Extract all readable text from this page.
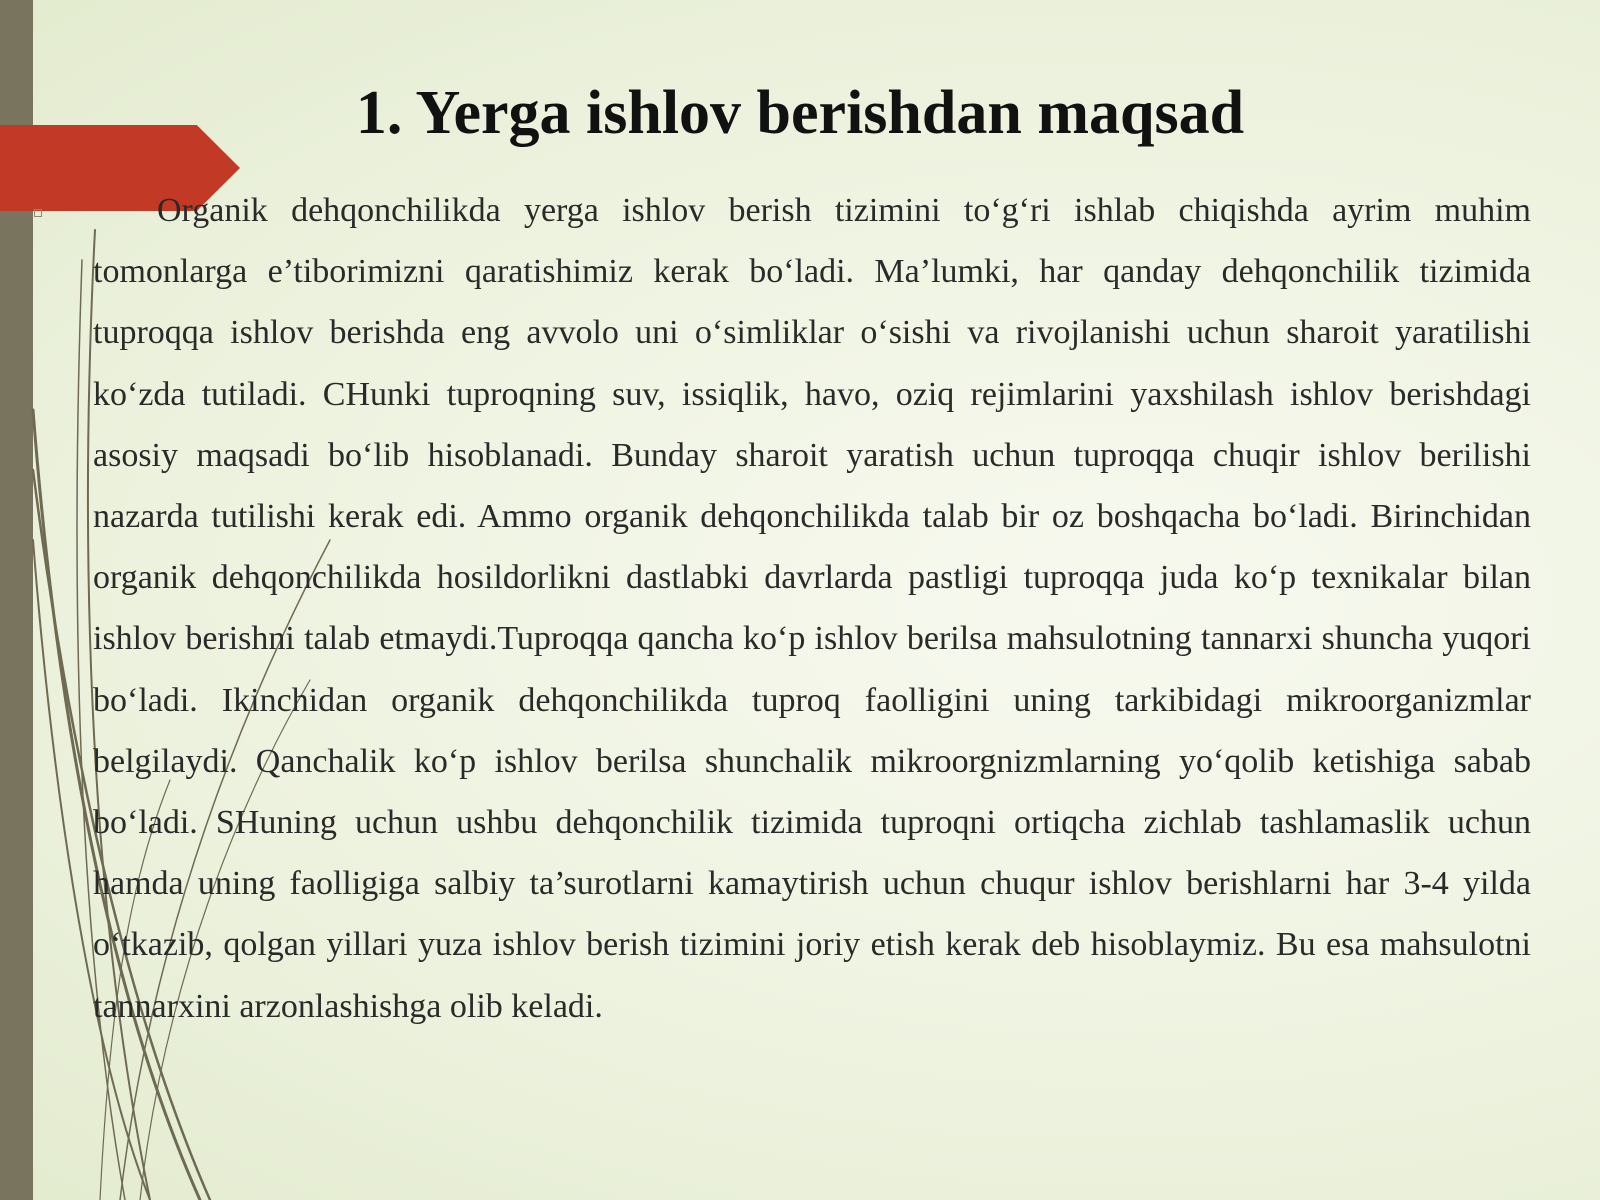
1. Yerga ishlov berishdan maqsad

Organik dehqonchilikda yerga ishlov berish tizimini to‘g‘ri ishlab chiqishda ayrim muhim tomonlarga e’tiborimizni qaratishimiz kerak bo‘ladi. Ma’lumki, har qanday dehqonchilik tizimida tuproqqa ishlov berishda eng avvolo uni o‘simliklar o‘sishi va rivojlanishi uchun sharoit yaratilishi ko‘zda tutiladi. CHunki tuproqning suv, issiqlik, havo, oziq rejimlarini yaxshilash ishlov berishdagi asosiy maqsadi bo‘lib hisoblanadi. Bunday sharoit yaratish uchun tuproqqa chuqir ishlov berilishi nazarda tutilishi kerak edi. Ammo organik dehqonchilikda talab bir oz boshqacha bo‘ladi. Birinchidan organik dehqonchilikda hosildorlikni dastlabki davrlarda pastligi tuproqqa juda ko‘p texnikalar bilan ishlov berishni talab etmaydi.Tuproqqa qancha ko‘p ishlov berilsa mahsulotning tannarxi shuncha yuqori bo‘ladi. Ikinchidan organik dehqonchilikda tuproq faolligini uning tarkibidagi mikroorganizmlar belgilaydi. Qanchalik ko‘p ishlov berilsa shunchalik mikroorgnizmlarning yo‘qolib ketishiga sabab bo‘ladi. SHuning uchun ushbu dehqonchilik tizimida tuproqni ortiqcha zichlab tashlamaslik uchun hamda uning faolligiga salbiy ta’surotlarni kamaytirish uchun chuqur ishlov berishlarni har 3-4 yilda o‘tkazib, qolgan yillari yuza ishlov berish tizimini joriy etish kerak deb hisoblaymiz. Bu esa mahsulotni tannarxini arzonlashishga olib keladi.
